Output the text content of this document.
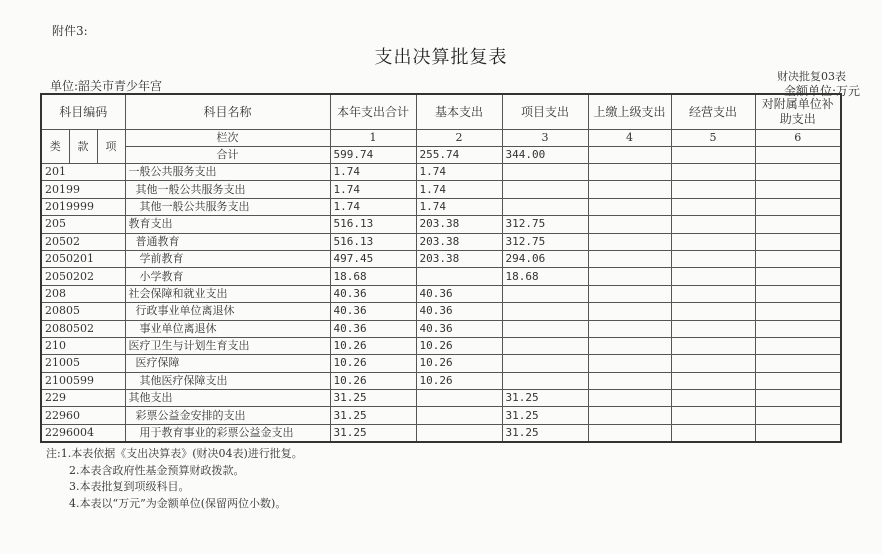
附件3:
支出决算批复表
财决批复03表
单位:韶关市青少年宫	金额单位:万元
科目编码			科目名称	本年支出合计	基本支出	项目支出	上缴上级支出	经营支出	对附属单位补助支出
类	款	项	栏次	1	2	3	4	5	6
			合计	599.74	255.74	344.00			
201			一般公共服务支出	1.74	1.74				
20199			其他一般公共服务支出	1.74	1.74				
2019999			其他一般公共服务支出	1.74	1.74				
205			教育支出	516.13	203.38	312.75			
20502			普通教育	516.13	203.38	312.75			
2050201			学前教育	497.45	203.38	294.06			
2050202			小学教育	18.68		18.68			
208			社会保障和就业支出	40.36	40.36				
20805			行政事业单位离退休	40.36	40.36				
2080502			事业单位离退休	40.36	40.36				
210			医疗卫生与计划生育支出	10.26	10.26				
21005			医疗保障	10.26	10.26				
2100599			其他医疗保障支出	10.26	10.26				
229			其他支出	31.25		31.25			
22960			彩票公益金安排的支出	31.25		31.25			
2296004			用于教育事业的彩票公益金支出	31.25		31.25			
注:1.本表依据《支出决算表》(财决04表)进行批复。
2.本表含政府性基金预算财政拨款。
3.本表批复到项级科目。
4.本表以“万元”为金额单位(保留两位小数)。
